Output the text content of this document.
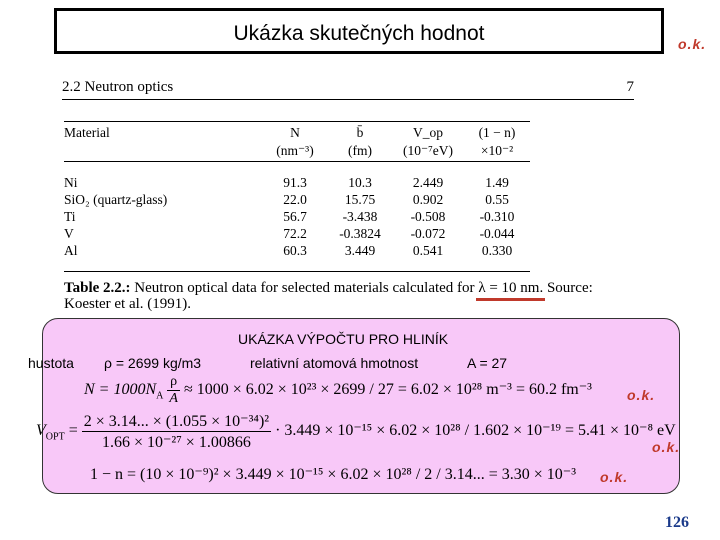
Ukázka skutečných hodnot	o.k.
2.2 Neutron optics	7
Material	N	b̄	V_op	(1 − n)
	(nm⁻³)	(fm)	(10⁻⁷eV)	×10⁻²

Ni	91.3	10.3	2.449	1.49
SiO₂ (quartz-glass)	22.0	15.75	0.902	0.55
Ti	56.7	-3.438	-0.508	-0.310
V	72.2	-0.3824	-0.072	-0.044
Al	60.3	3.449	0.541	0.330
Table 2.2.: Neutron optical data for selected materials calculated for λ = 10 nm. Source: Koester et al. (1991).
UKÁZKA VÝPOČTU PRO HLINÍK
hustota ρ = 2699 kg/m3	relativní atomová hmotnost	A = 27
$N = 1000N_A \frac{\rho}{A} \approx 1000 \times 6.02 \times 10^{23} \times 2699 / 27 = 6.02 \times 10^{28}$ m⁻³ = 60.2 fm⁻³	o.k.
$V_{OPT} = \frac{\text{2 × 3.14... × (1.055 × 10⁻³⁴)²}}{\text{1.66 × 10⁻²⁷ × 1.00866}} \cdot 3.449 \times 10^{-15} \times 6.02 \times 10^{28} / 1.602 \times 10^{-19} = 5.41 \times 10^{-8}$ eV
o.k.
1 − n = (10 × 10⁻⁹)² × 3.449 × 10⁻¹⁵ × 6.02 × 10²⁸ / 2 / 3.14... = 3.30 × 10⁻³ o.k.
126
